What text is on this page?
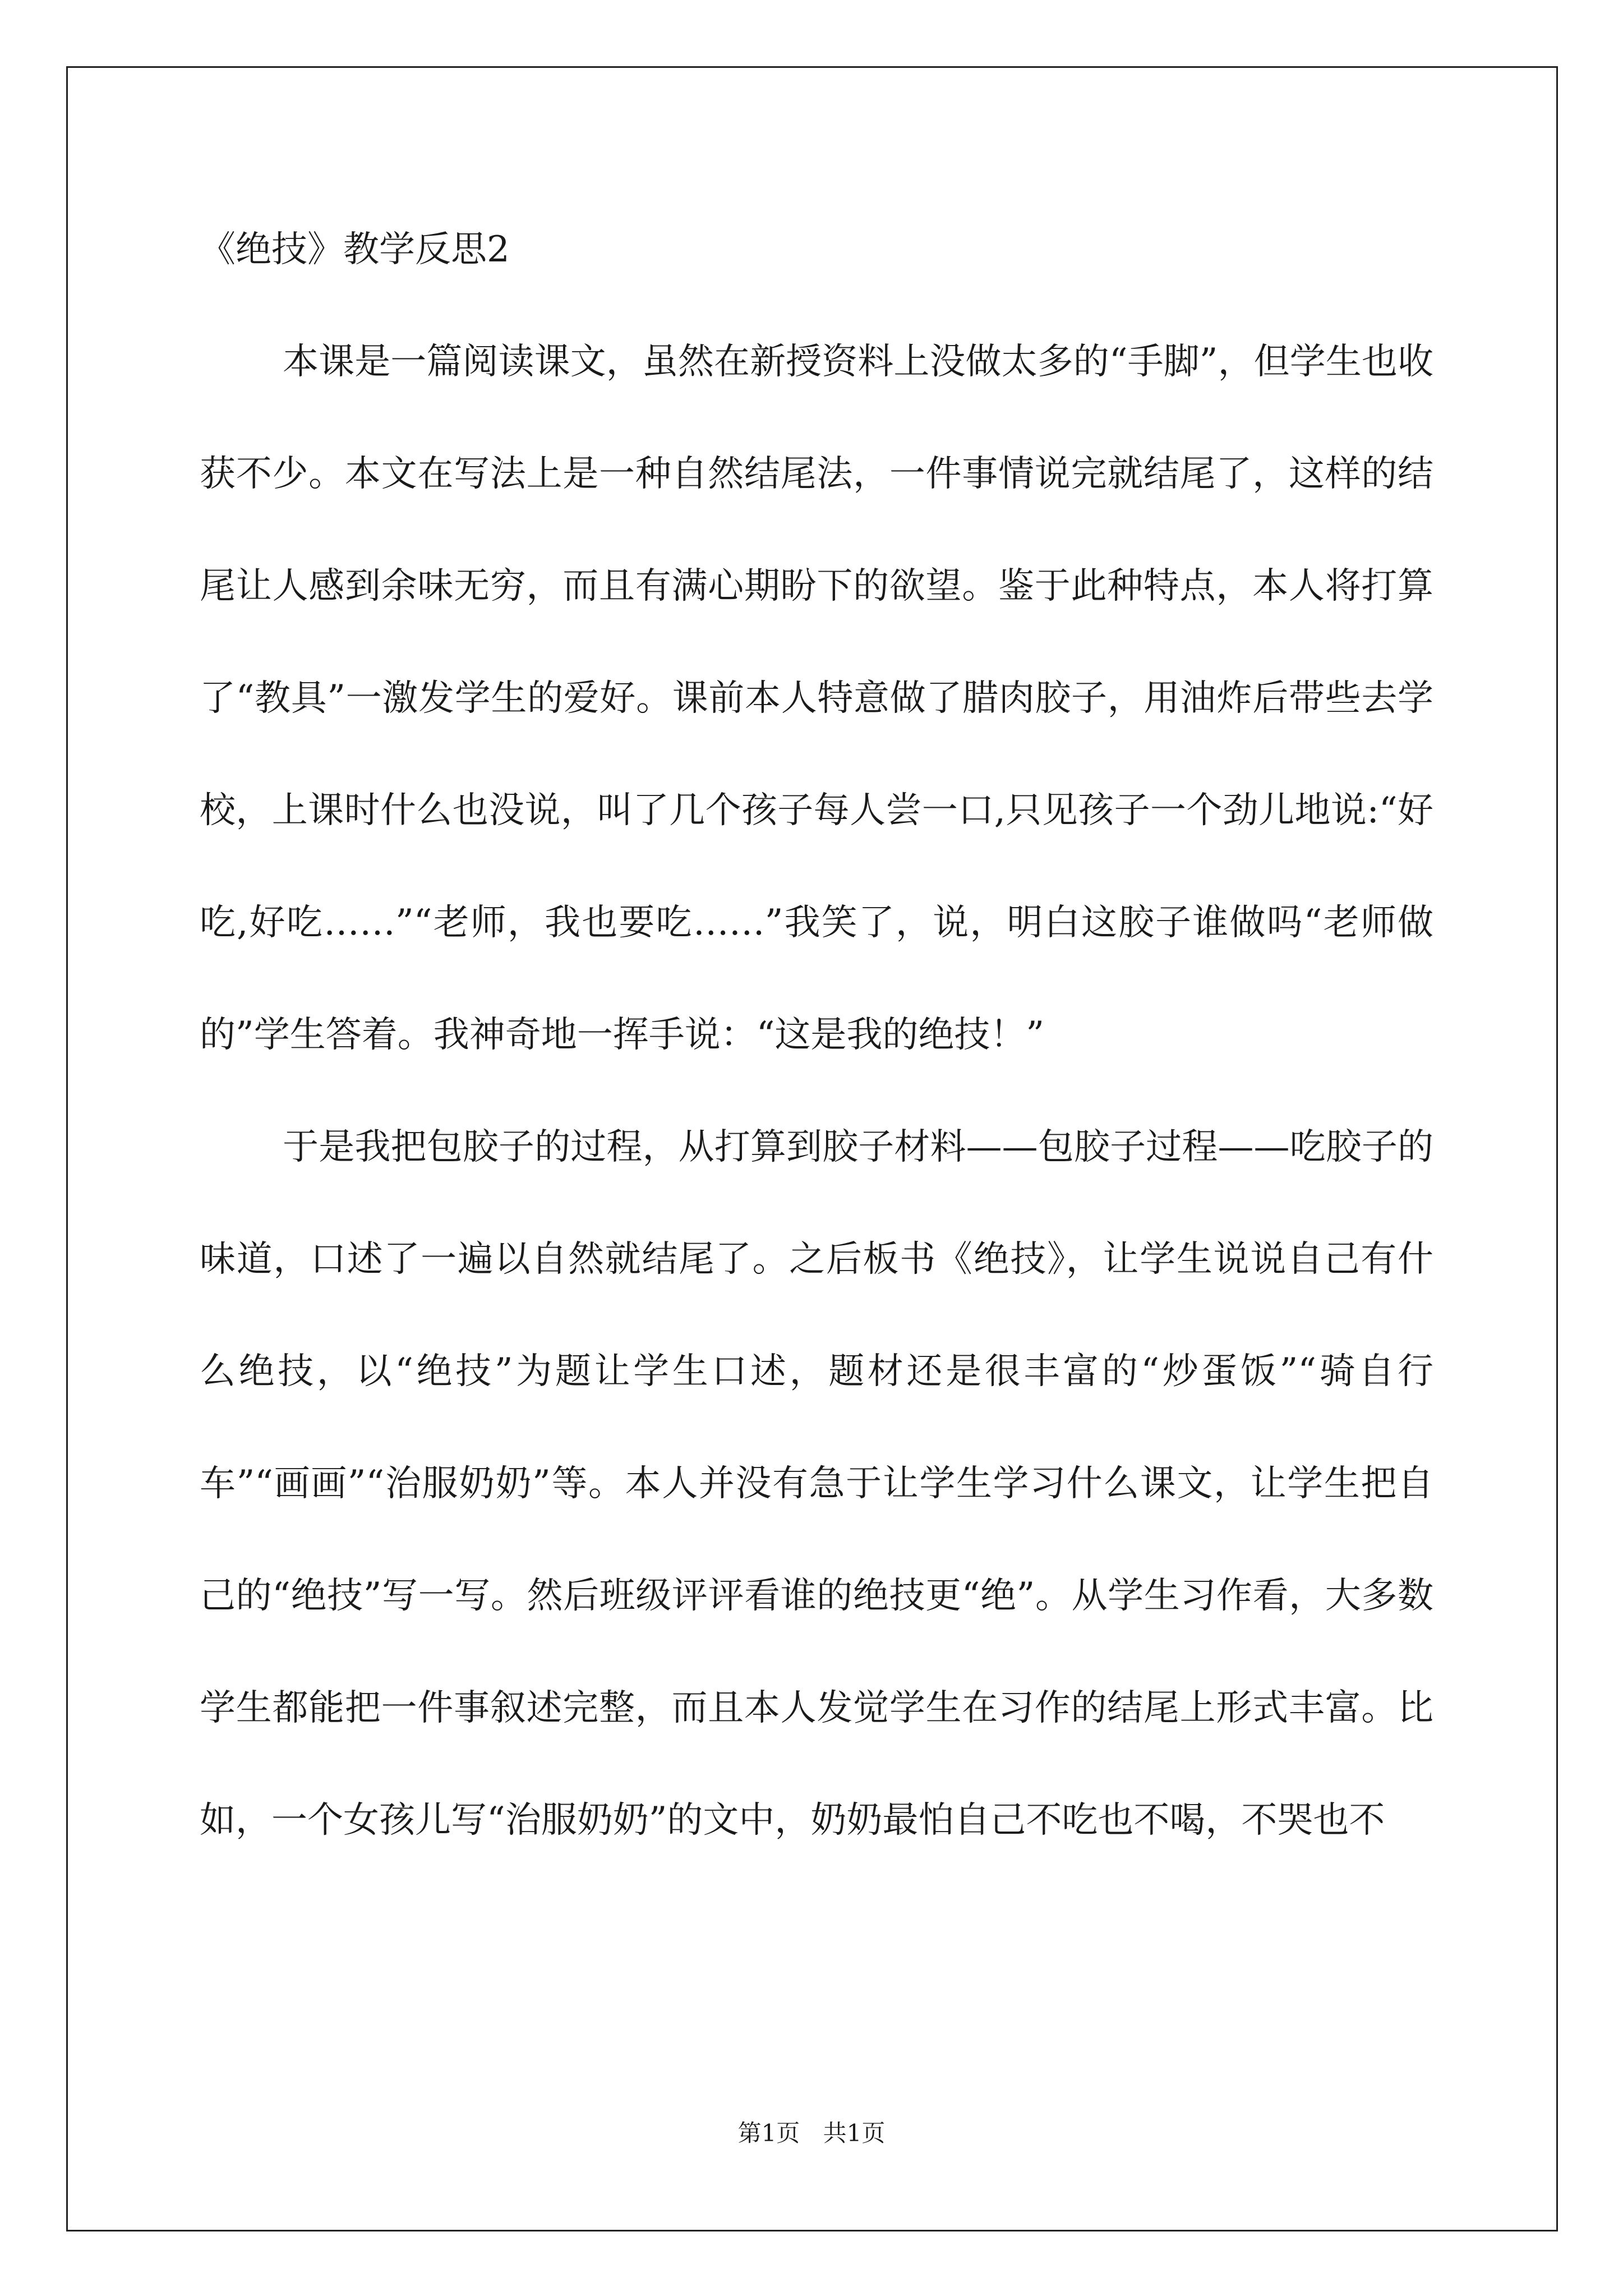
《绝技》教学反思2

本课是一篇阅读课文，虽然在新授资料上没做太多的“手脚”，但学生也收获不少。本文在写法上是一种自然结尾法，一件事情说完就结尾了，这样的结尾让人感到余味无穷，而且有满心期盼下的欲望。鉴于此种特点，本人将打算了“教具”一激发学生的爱好。课前本人特意做了腊肉胶子，用油炸后带些去学校，上课时什么也没说，叫了几个孩子每人尝一口,只见孩子一个劲儿地说:“好吃,好吃……”“老师，我也要吃……”我笑了，说，明白这胶子谁做吗“老师做的”学生答着。我神奇地一挥手说：“这是我的绝技！”

于是我把包胶子的过程，从打算到胶子材料——包胶子过程——吃胶子的味道，口述了一遍以自然就结尾了。之后板书《绝技》，让学生说说自己有什么绝技，以“绝技”为题让学生口述，题材还是很丰富的“炒蛋饭”“骑自行车”“画画”“治服奶奶”等。本人并没有急于让学生学习什么课文，让学生把自己的“绝技”写一写。然后班级评评看谁的绝技更“绝”。从学生习作看，大多数学生都能把一件事叙述完整，而且本人发觉学生在习作的结尾上形式丰富。比如，一个女孩儿写“治服奶奶”的文中，奶奶最怕自己不吃也不喝，不哭也不

第1页 共1页
